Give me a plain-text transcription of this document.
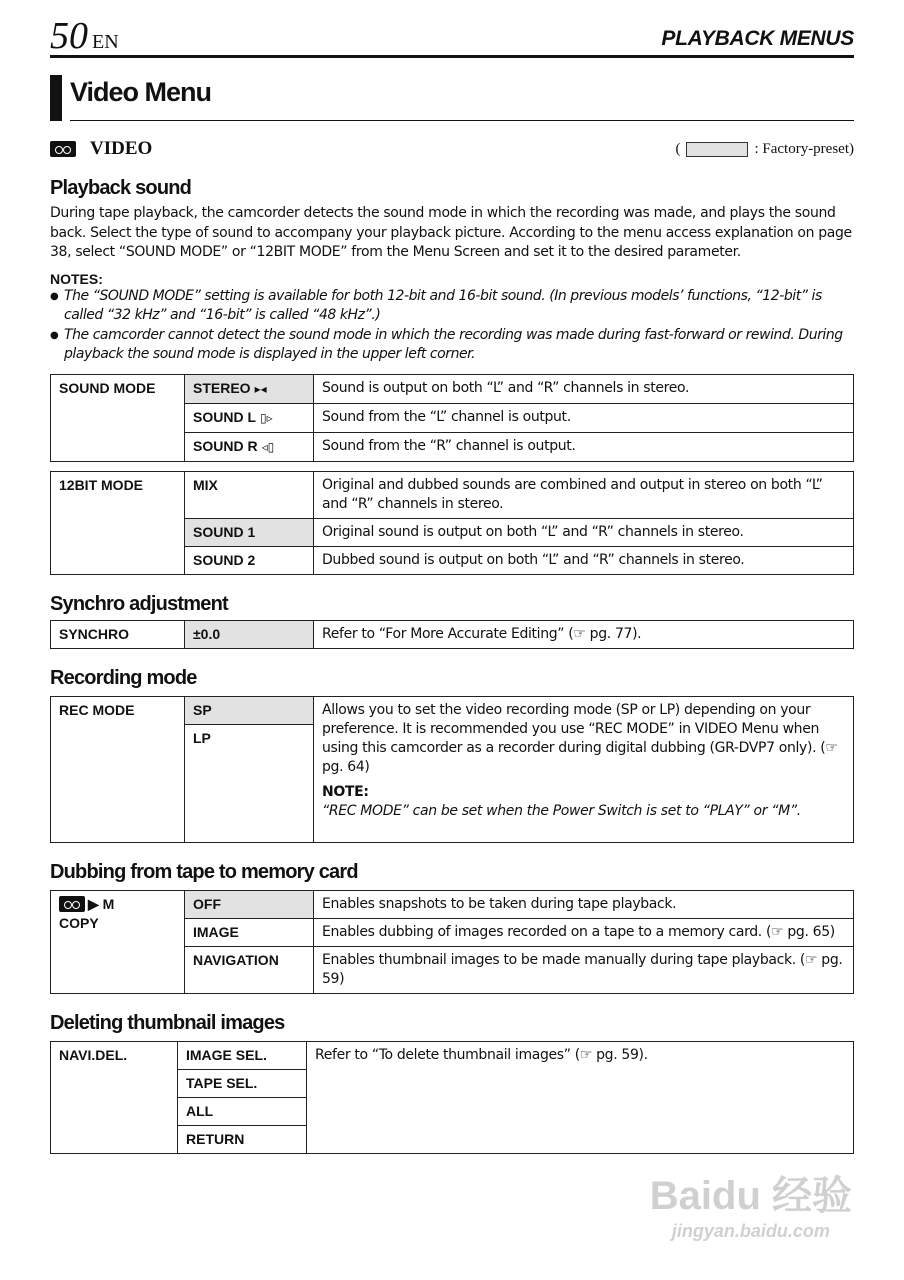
50 EN	PLAYBACK MENUS
Video Menu
VIDEO	(	: Factory-preset)
Playback sound

During tape playback, the camcorder detects the sound mode in which the recording was made, and plays the sound back. Select the type of sound to accompany your playback picture. According to the menu access explanation on page 38, select “SOUND MODE” or “12BIT MODE” from the Menu Screen and set it to the desired parameter.

NOTES:
● The “SOUND MODE” setting is available for both 12-bit and 16-bit sound. (In previous models’ functions, “12-bit” is called “32 kHz” and “16-bit” is called “48 kHz”.)
● The camcorder cannot detect the sound mode in which the recording was made during fast-forward or rewind. During playback the sound mode is displayed in the upper left corner.
SOUND MODE	STEREO ▸◂	Sound is output on both “L” and “R” channels in stereo.
	SOUND L ▯▹	Sound from the “L” channel is output.
	SOUND R ◃▯	Sound from the “R” channel is output.
12BIT MODE	MIX	Original and dubbed sounds are combined and output in stereo on both “L” and “R” channels in stereo.
	SOUND 1	Original sound is output on both “L” and “R” channels in stereo.
	SOUND 2	Dubbed sound is output on both “L” and “R” channels in stereo.
Synchro adjustment
SYNCHRO	±0.0	Refer to “For More Accurate Editing” (☞ pg. 77).
Recording mode
REC MODE	SP	Allows you to set the video recording mode (SP or LP) depending on your preference. It is recommended you use “REC MODE” in VIDEO Menu when using this camcorder as a recorder during digital dubbing (GR-DVP7 only). (☞ pg. 64)
NOTE:
“REC MODE” can be set when the Power Switch is set to “PLAY” or “M”.

LP
Dubbing from tape to memory card
▶ M
COPY	OFF	Enables snapshots to be taken during tape playback.
	IMAGE	Enables dubbing of images recorded on a tape to a memory card. (☞ pg. 65)
	NAVIGATION	Enables thumbnail images to be made manually during tape playback. (☞ pg. 59)
Deleting thumbnail images
NAVI.DEL.	IMAGE SEL.	Refer to “To delete thumbnail images” (☞ pg. 59).
TAPE SEL.
ALL
RETURN
Baidu 经验
jingyan.baidu.com
